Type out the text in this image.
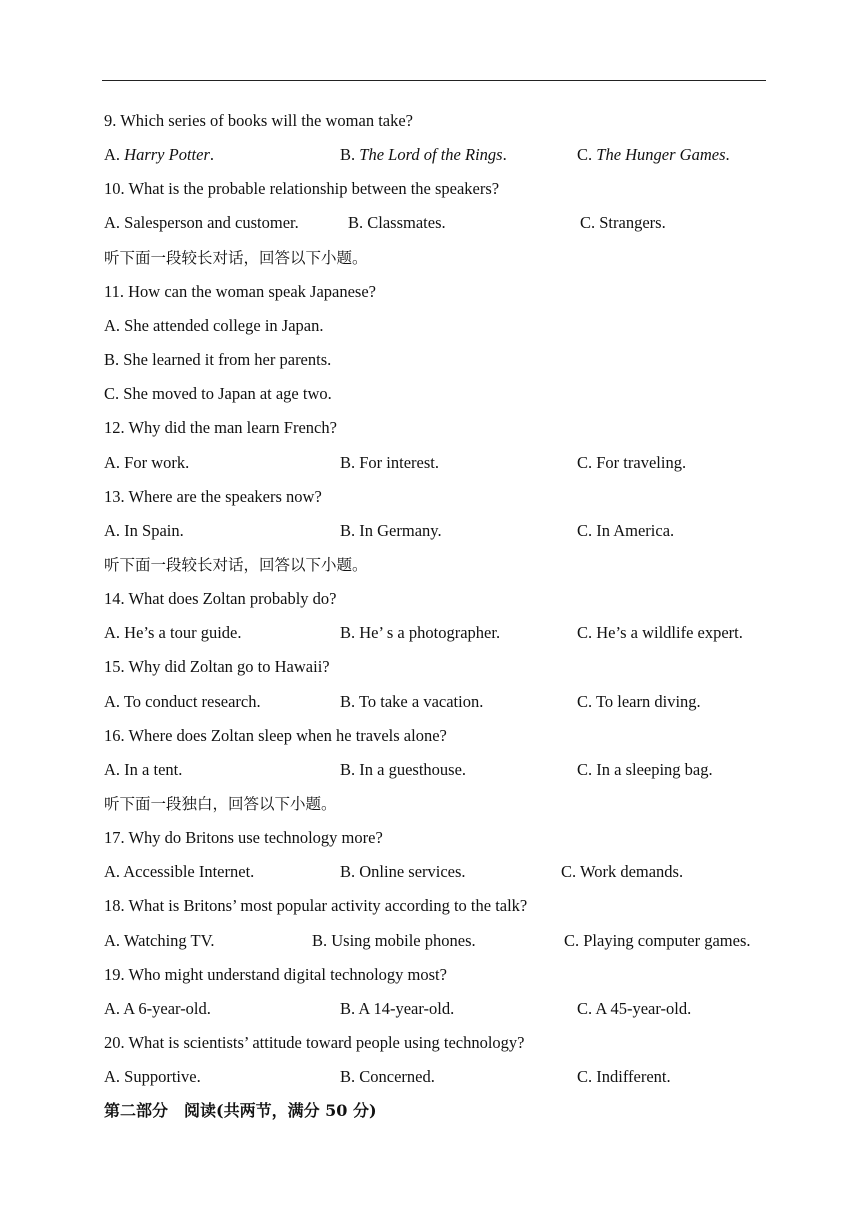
9. Which series of books will the woman take?
A. Harry Potter.	B. The Lord of the Rings.	C. The Hunger Games.
10. What is the probable relationship between the speakers?
A. Salesperson and customer.	B. Classmates.	C. Strangers.
听下面一段较长对话，回答以下小题。
11. How can the woman speak Japanese?
A. She attended college in Japan.
B. She learned it from her parents.
C. She moved to Japan at age two.
12. Why did the man learn French?
A. For work.	B. For interest.	C. For traveling.
13. Where are the speakers now?
A. In Spain.	B. In Germany.	C. In America.
听下面一段较长对话，回答以下小题。
14. What does Zoltan probably do?
A. He’s a tour guide.	B. He’ s a photographer.	C. He’s a wildlife expert.
15. Why did Zoltan go to Hawaii?
A. To conduct research.	B. To take a vacation.	C. To learn diving.
16. Where does Zoltan sleep when he travels alone?
A. In a tent.	B. In a guesthouse.	C. In a sleeping bag.
听下面一段独白，回答以下小题。
17. Why do Britons use technology more?
A. Accessible Internet.	B. Online services.	C. Work demands.
18. What is Britons’ most popular activity according to the talk?
A. Watching TV.	B. Using mobile phones.	C. Playing computer games.
19. Who might understand digital technology most?
A. A 6-year-old.	B. A 14-year-old.	C. A 45-year-old.
20. What is scientists’ attitude toward people using technology?
A. Supportive.	B. Concerned.	C. Indifferent.
第二部分　阅读(共两节，满分 50 分)
